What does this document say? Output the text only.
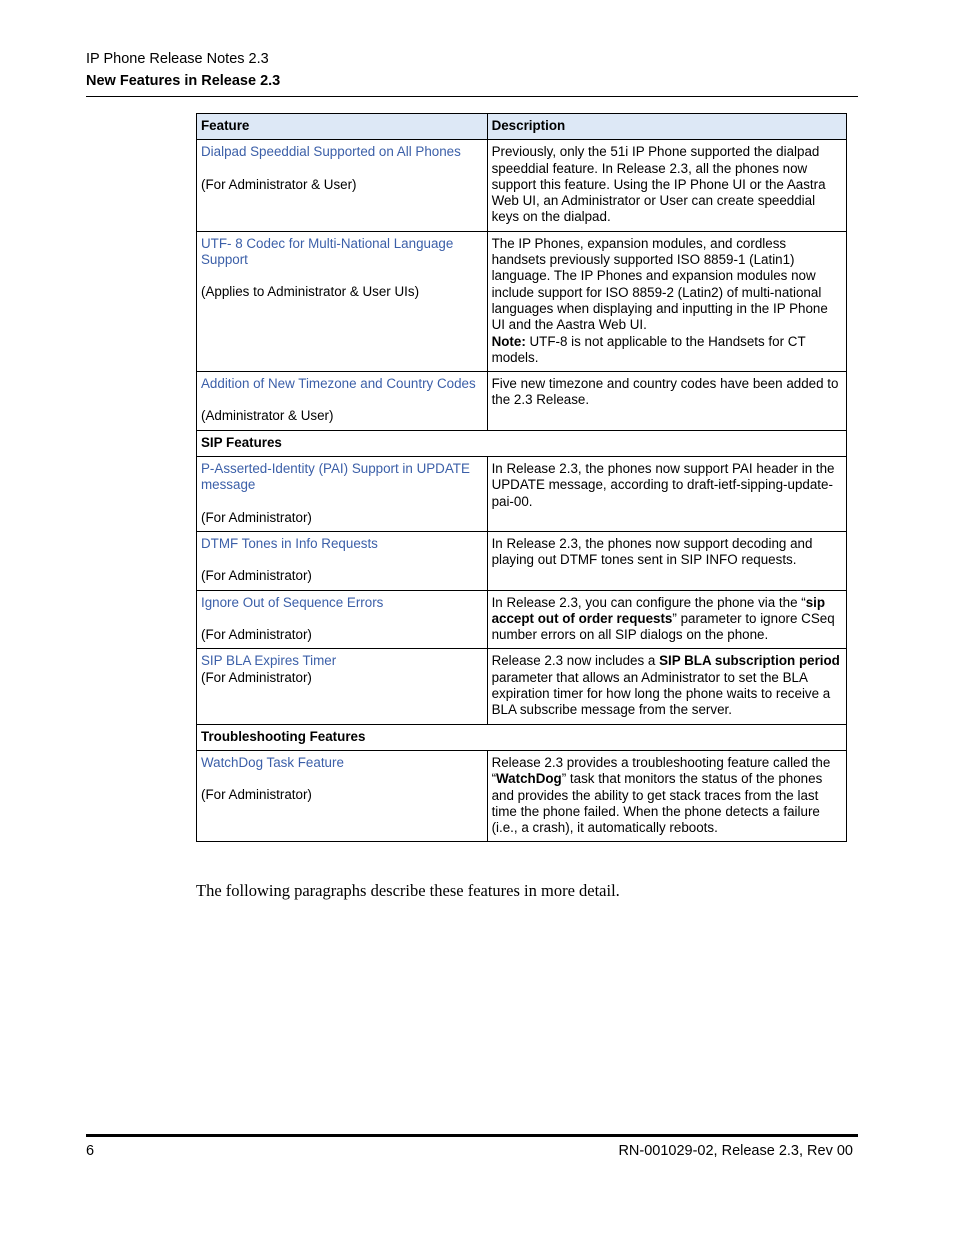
IP Phone Release Notes 2.3
New Features in Release 2.3
Feature	Description

Dialpad Speeddial Supported on All Phones
(For Administrator & User)	Previously, only the 51i IP Phone supported the dialpad speeddial feature. In Release 2.3, all the phones now support this feature. Using the IP Phone UI or the Aastra Web UI, an Administrator or User can create speeddial keys on the dialpad.

UTF- 8 Codec for Multi-National Language Support
(Applies to Administrator & User UIs)	The IP Phones, expansion modules, and cordless handsets previously supported ISO 8859-1 (Latin1) language. The IP Phones and expansion modules now include support for ISO 8859-2 (Latin2) of multi-national languages when displaying and inputting in the IP Phone UI and the Aastra Web UI.
Note: UTF-8 is not applicable to the Handsets for CT models.

Addition of New Timezone and Country Codes
(Administrator & User)	Five new timezone and country codes have been added to the 2.3 Release.
SIP Features	

P-Asserted-Identity (PAI) Support in UPDATE message
(For Administrator)	In Release 2.3, the phones now support PAI header in the UPDATE message, according to draft-ietf-sipping-update-pai-00.

DTMF Tones in Info Requests
(For Administrator)	In Release 2.3, the phones now support decoding and playing out DTMF tones sent in SIP INFO requests.

Ignore Out of Sequence Errors
(For Administrator)	In Release 2.3, you can configure the phone via the “sip accept out of order requests” parameter to ignore CSeq number errors on all SIP dialogs on the phone.

SIP BLA Expires Timer
(For Administrator)	Release 2.3 now includes a SIP BLA subscription period parameter that allows an Administrator to set the BLA expiration timer for how long the phone waits to receive a BLA subscribe message from the server.
Troubleshooting Features	

WatchDog Task Feature
(For Administrator)	Release 2.3 provides a troubleshooting feature called the “WatchDog” task that monitors the status of the phones and provides the ability to get stack traces from the last time the phone failed. When the phone detects a failure (i.e., a crash), it automatically reboots.
The following paragraphs describe these features in more detail.
6	RN-001029-02, Release 2.3, Rev 00
